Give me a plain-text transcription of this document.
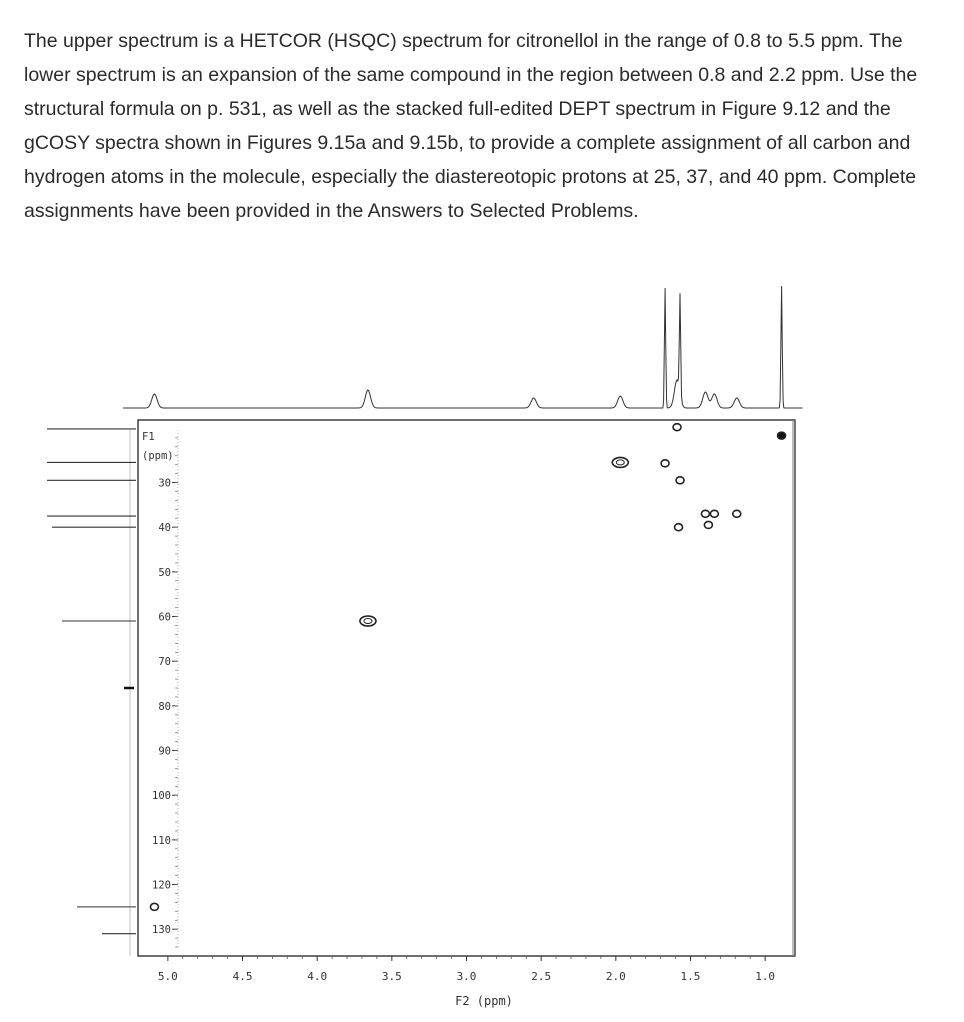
The upper spectrum is a HETCOR (HSQC) spectrum for citronellol in the range of 0.8 to 5.5 ppm. The lower spectrum is an expansion of the same compound in the region between 0.8 and 2.2 ppm. Use the structural formula on p. 531, as well as the stacked full-edited DEPT spectrum in Figure 9.12 and the gCOSY spectra shown in Figures 9.15a and 9.15b, to provide a complete assignment of all carbon and hydrogen atoms in the molecule, especially the diastereotopic protons at 25, 37, and 40 ppm. Complete assignments have been provided in the Answers to Selected Problems.

F1
(ppm)
30
40
50
60
70
80
90
100
110
120
130
F2 (ppm)
5.0	4.5	4.0	3.5	3.0	2.5	2.0	1.5	1.0
